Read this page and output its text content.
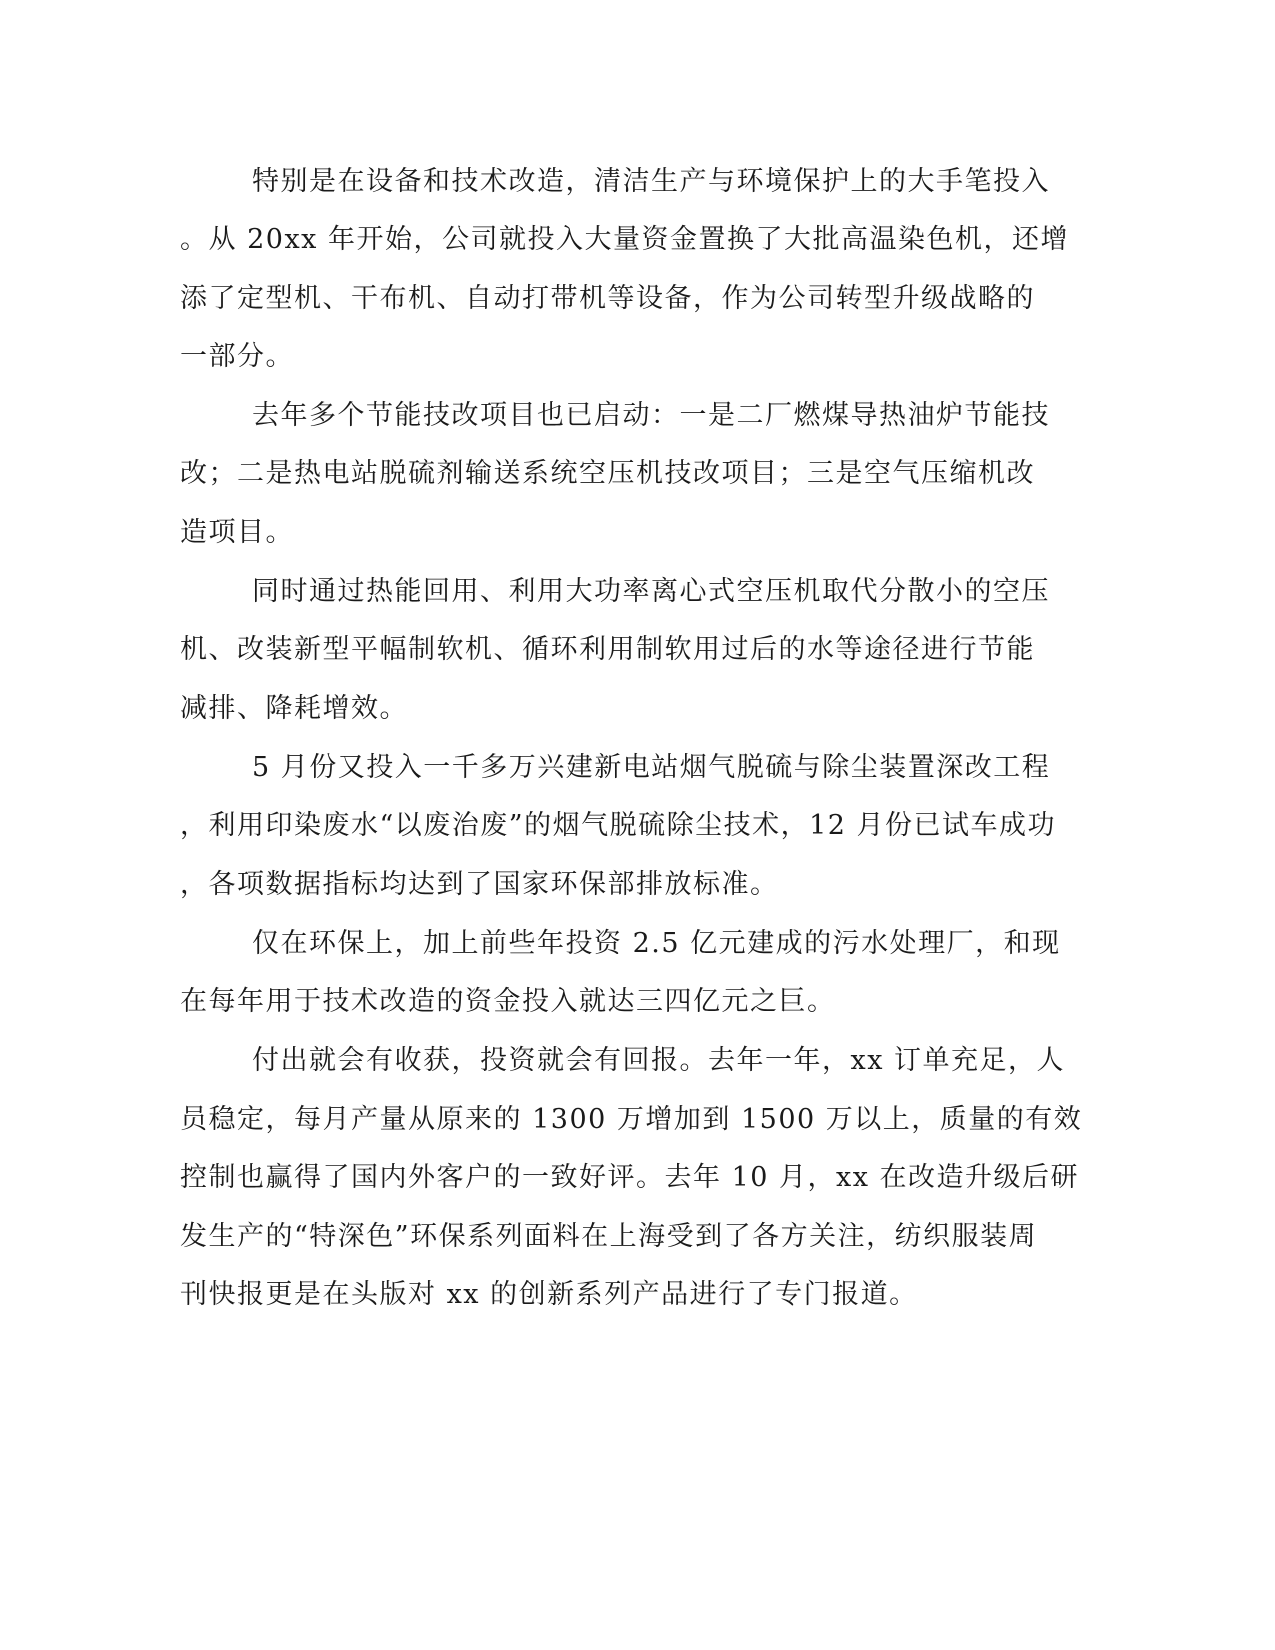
特别是在设备和技术改造，清洁生产与环境保护上的大手笔投入

。从 20xx 年开始，公司就投入大量资金置换了大批高温染色机，还增

添了定型机、干布机、自动打带机等设备，作为公司转型升级战略的

一部分。

去年多个节能技改项目也已启动：一是二厂燃煤导热油炉节能技

改；二是热电站脱硫剂输送系统空压机技改项目；三是空气压缩机改

造项目。

同时通过热能回用、利用大功率离心式空压机取代分散小的空压

机、改装新型平幅制软机、循环利用制软用过后的水等途径进行节能

减排、降耗增效。

5 月份又投入一千多万兴建新电站烟气脱硫与除尘装置深改工程

，利用印染废水“以废治废”的烟气脱硫除尘技术，12 月份已试车成功

，各项数据指标均达到了国家环保部排放标准。

仅在环保上，加上前些年投资 2.5 亿元建成的污水处理厂，和现

在每年用于技术改造的资金投入就达三四亿元之巨。

付出就会有收获，投资就会有回报。去年一年，xx 订单充足，人

员稳定，每月产量从原来的 1300 万增加到 1500 万以上，质量的有效

控制也赢得了国内外客户的一致好评。去年 10 月，xx 在改造升级后研

发生产的“特深色”环保系列面料在上海受到了各方关注，纺织服装周

刊快报更是在头版对 xx 的创新系列产品进行了专门报道。
